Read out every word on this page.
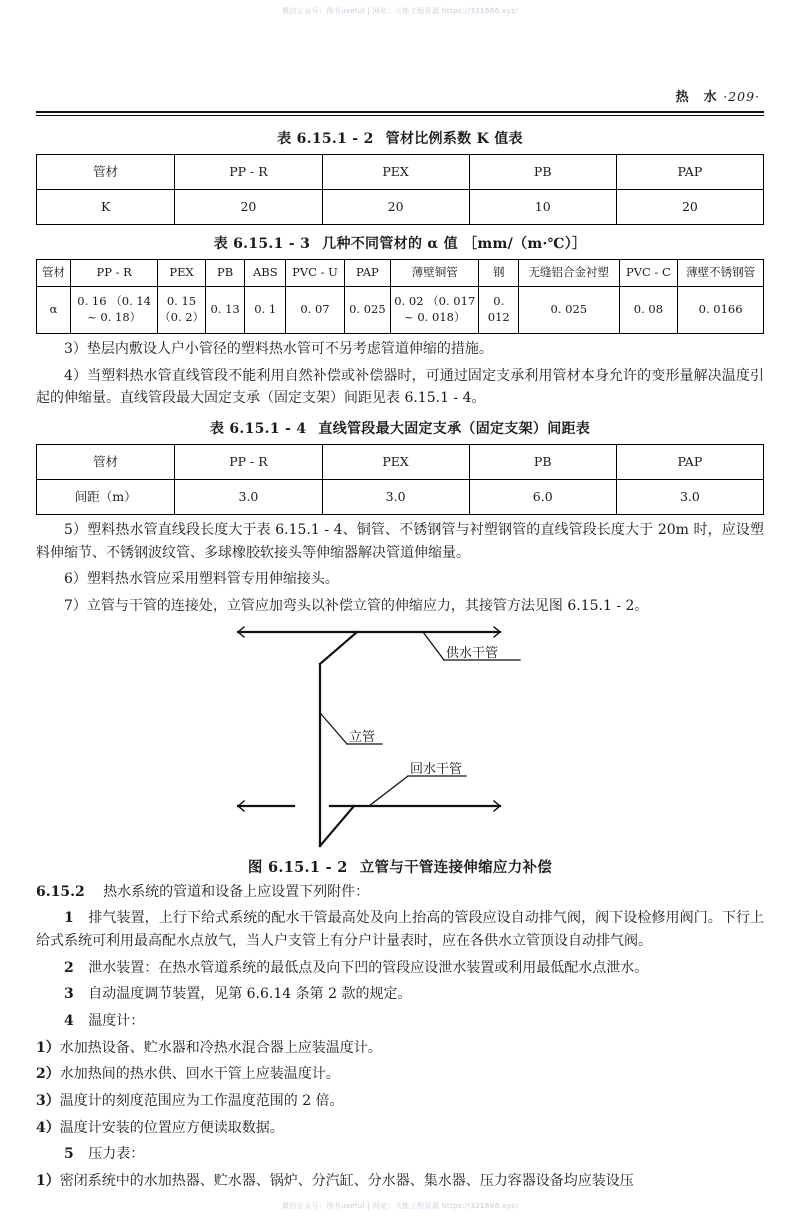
微信公众号：图书useful | 网址：大能工程资源 https://321686.xyz/
热　水 ·209·
表 6.15.1 - 2 管材比例系数 K 值表
管材	PP - R	PEX	PB	PAP
K	20	20	10	20
表 6.15.1 - 3 几种不同管材的 α 值 ［mm/（m·℃）］
管材	PP - R	PEX	PB	ABS	PVC - U	PAP	薄壁铜管	钢	无缝铝合金衬塑	PVC - C	薄壁不锈钢管
α	0. 16 （0. 14 ~ 0. 18）	0. 15 （0. 2）	0. 13	0. 1	0. 07	0. 025	0. 02 （0. 017 ~ 0. 018）	0. 012	0. 025	0. 08	0. 0166

3）垫层内敷设人户小管径的塑料热水管可不另考虑管道伸缩的措施。

4）当塑料热水管直线管段不能利用自然补偿或补偿器时，可通过固定支承利用管材本身允许的变形量解决温度引起的伸缩量。直线管段最大固定支承（固定支架）间距见表 6.15.1 - 4。

表 6.15.1 - 4 直线管段最大固定支承（固定支架）间距表
管材	PP - R	PEX	PB	PAP
间距（m）	3.0	3.0	6.0	3.0

5）塑料热水管直线段长度大于表 6.15.1 - 4、铜管、不锈钢管与衬塑钢管的直线管段长度大于 20m 时，应设塑料伸缩节、不锈钢波纹管、多球橡胶软接头等伸缩器解决管道伸缩量。

6）塑料热水管应采用塑料管专用伸缩接头。

7）立管与干管的连接处，立管应加弯头以补偿立管的伸缩应力，其接管方法见图 6.15.1 - 2。

供水干管
立管
回水干管
图 6.15.1 - 2 立管与干管连接伸缩应力补偿

6.15.2 热水系统的管道和设备上应设置下列附件：

1 排气装置，上行下给式系统的配水干管最高处及向上抬高的管段应设自动排气阀，阀下设检修用阀门。下行上给式系统可利用最高配水点放气，当人户支管上有分户计量表时，应在各供水立管顶设自动排气阀。

2 泄水装置：在热水管道系统的最低点及向下凹的管段应设泄水装置或利用最低配水点泄水。

3 自动温度调节装置，见第 6.6.14 条第 2 款的规定。

4 温度计：

1）水加热设备、贮水器和冷热水混合器上应装温度计。

2）水加热间的热水供、回水干管上应装温度计。

3）温度计的刻度范围应为工作温度范围的 2 倍。

4）温度计安装的位置应方便读取数据。

5 压力表：

1）密闭系统中的水加热器、贮水器、锅炉、分汽缸、分水器、集水器、压力容器设备均应装设压

微信公众号：图书useful | 网址：大能工程资源 https://321686.xyz/
